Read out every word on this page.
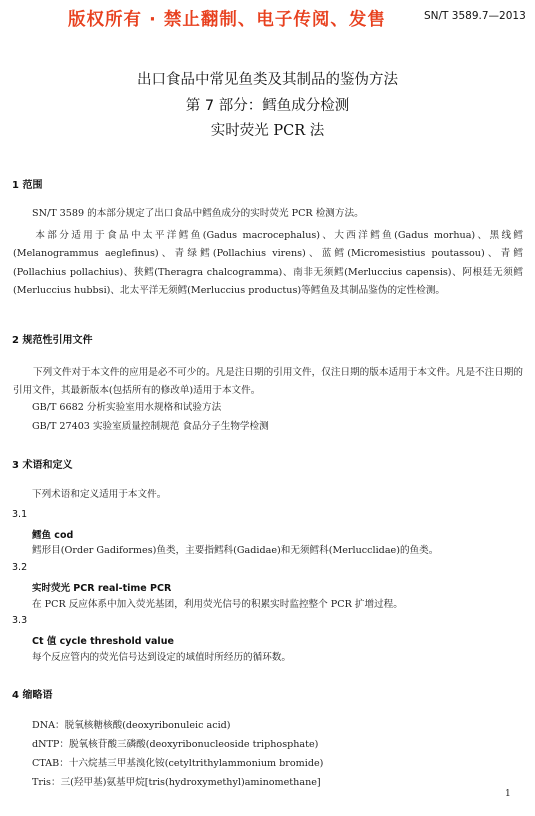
版权所有 · 禁止翻制、电子传阅、发售	SN/T 3589.7—2013
出口食品中常见鱼类及其制品的鉴伪方法
第 7 部分：鳕鱼成分检测
实时荧光 PCR 法
1 范围
SN/T 3589 的本部分规定了出口食品中鳕鱼成分的实时荧光 PCR 检测方法。
本部分适用于食品中太平洋鳕鱼(Gadus macrocephalus)、大西洋鳕鱼(Gadus morhua)、黑线鳕(Melanogrammus aeglefinus)、青绿鳕(Pollachius virens)、蓝鳕(Micromesistius poutassou)、青鳕(Pollachius pollachius)、狭鳕(Theragra chalcogramma)、南非无须鳕(Merluccius capensis)、阿根廷无须鳕(Merluccius hubbsi)、北太平洋无须鳕(Merluccius productus)等鳕鱼及其制品鉴伪的定性检测。
2 规范性引用文件
下列文件对于本文件的应用是必不可少的。凡是注日期的引用文件，仅注日期的版本适用于本文件。凡是不注日期的引用文件，其最新版本(包括所有的修改单)适用于本文件。
GB/T 6682 分析实验室用水规格和试验方法
GB/T 27403 实验室质量控制规范 食品分子生物学检测
3 术语和定义
下列术语和定义适用于本文件。
3.1
鳕鱼 cod
鳕形目(Order Gadiformes)鱼类，主要指鳕科(Gadidae)和无须鳕科(Merlucclidae)的鱼类。
3.2
实时荧光 PCR real-time PCR
在 PCR 反应体系中加入荧光基团，利用荧光信号的积累实时监控整个 PCR 扩增过程。
3.3
Ct 值 cycle threshold value
每个反应管内的荧光信号达到设定的域值时所经历的循环数。
4 缩略语
DNA：脱氧核糖核酸(deoxyribonuleic acid)
dNTP：脱氧核苷酸三磷酸(deoxyribonucleoside triphosphate)
CTAB：十六烷基三甲基溴化铵(cetyltrithylammonium bromide)
Tris：三(羟甲基)氨基甲烷[tris(hydroxymethyl)aminomethane]
1
